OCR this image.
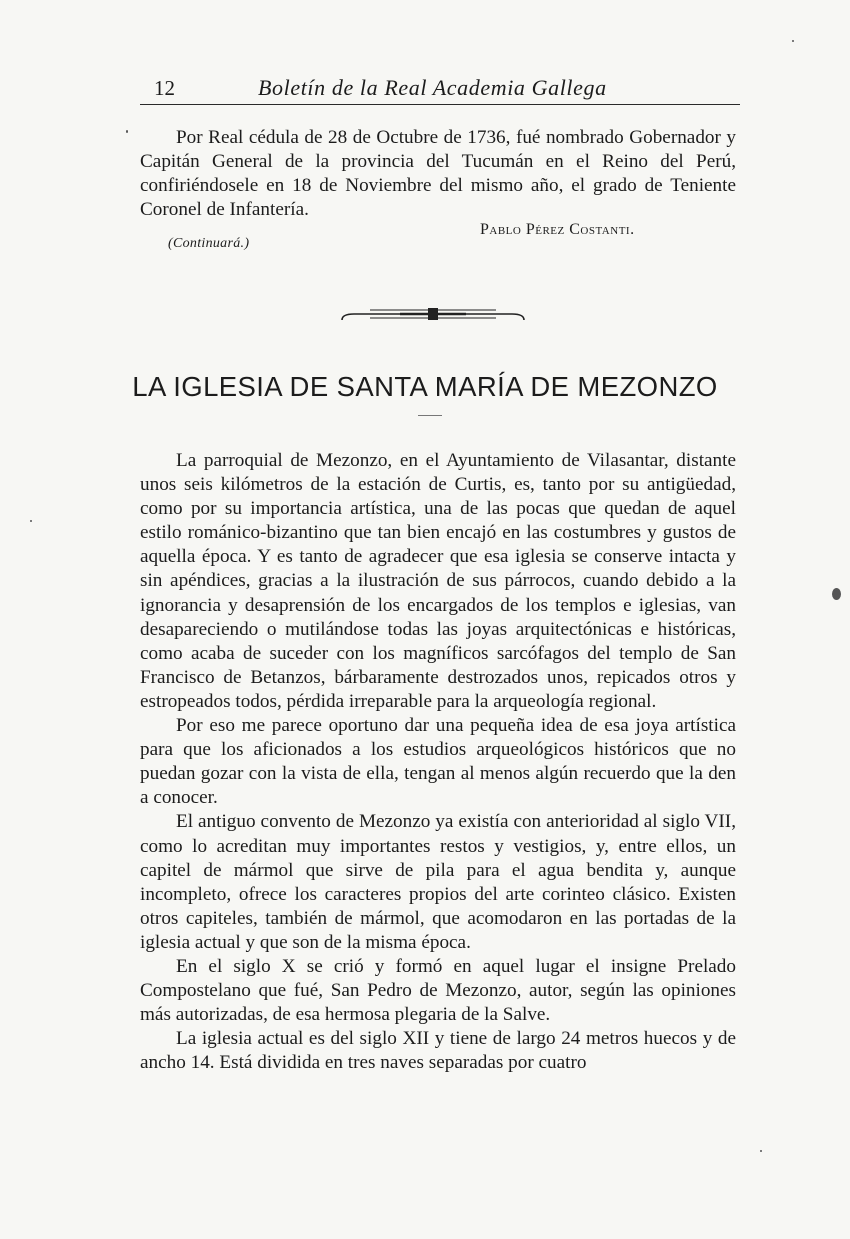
12	Boletín de la Real Academia Gallega

Por Real cédula de 28 de Octubre de 1736, fué nombrado Gobernador y Capitán General de la provincia del Tucumán en el Reino del Perú, confiriéndosele en 18 de Noviembre del mismo año, el grado de Teniente Coronel de Infantería.

Pablo Pérez Costanti.
(Continuará.)
LA IGLESIA DE SANTA MARÍA DE MEZONZO

La parroquial de Mezonzo, en el Ayuntamiento de Vilasantar, distante unos seis kilómetros de la estación de Curtis, es, tanto por su antigüedad, como por su importancia artística, una de las pocas que quedan de aquel estilo románico-bizantino que tan bien encajó en las costumbres y gustos de aquella época. Y es tanto de agradecer que esa iglesia se conserve intacta y sin apéndices, gracias a la ilustración de sus párrocos, cuando debido a la ignorancia y desaprensión de los encargados de los templos e iglesias, van desapareciendo o mutilándose todas las joyas arquitectónicas e históricas, como acaba de suceder con los magníficos sarcófagos del templo de San Francisco de Betanzos, bárbaramente destrozados unos, repicados otros y estropeados todos, pérdida irreparable para la arqueología regional.

Por eso me parece oportuno dar una pequeña idea de esa joya artística para que los aficionados a los estudios arqueológicos históricos que no puedan gozar con la vista de ella, tengan al menos algún recuerdo que la den a conocer.

El antiguo convento de Mezonzo ya existía con anterioridad al siglo VII, como lo acreditan muy importantes restos y vestigios, y, entre ellos, un capitel de mármol que sirve de pila para el agua bendita y, aunque incompleto, ofrece los caracteres propios del arte corinteo clásico. Existen otros capiteles, también de mármol, que acomodaron en las portadas de la iglesia actual y que son de la misma época.

En el siglo X se crió y formó en aquel lugar el insigne Prelado Compostelano que fué, San Pedro de Mezonzo, autor, según las opiniones más autorizadas, de esa hermosa plegaria de la Salve.

La iglesia actual es del siglo XII y tiene de largo 24 metros huecos y de ancho 14. Está dividida en tres naves separadas por cuatro
